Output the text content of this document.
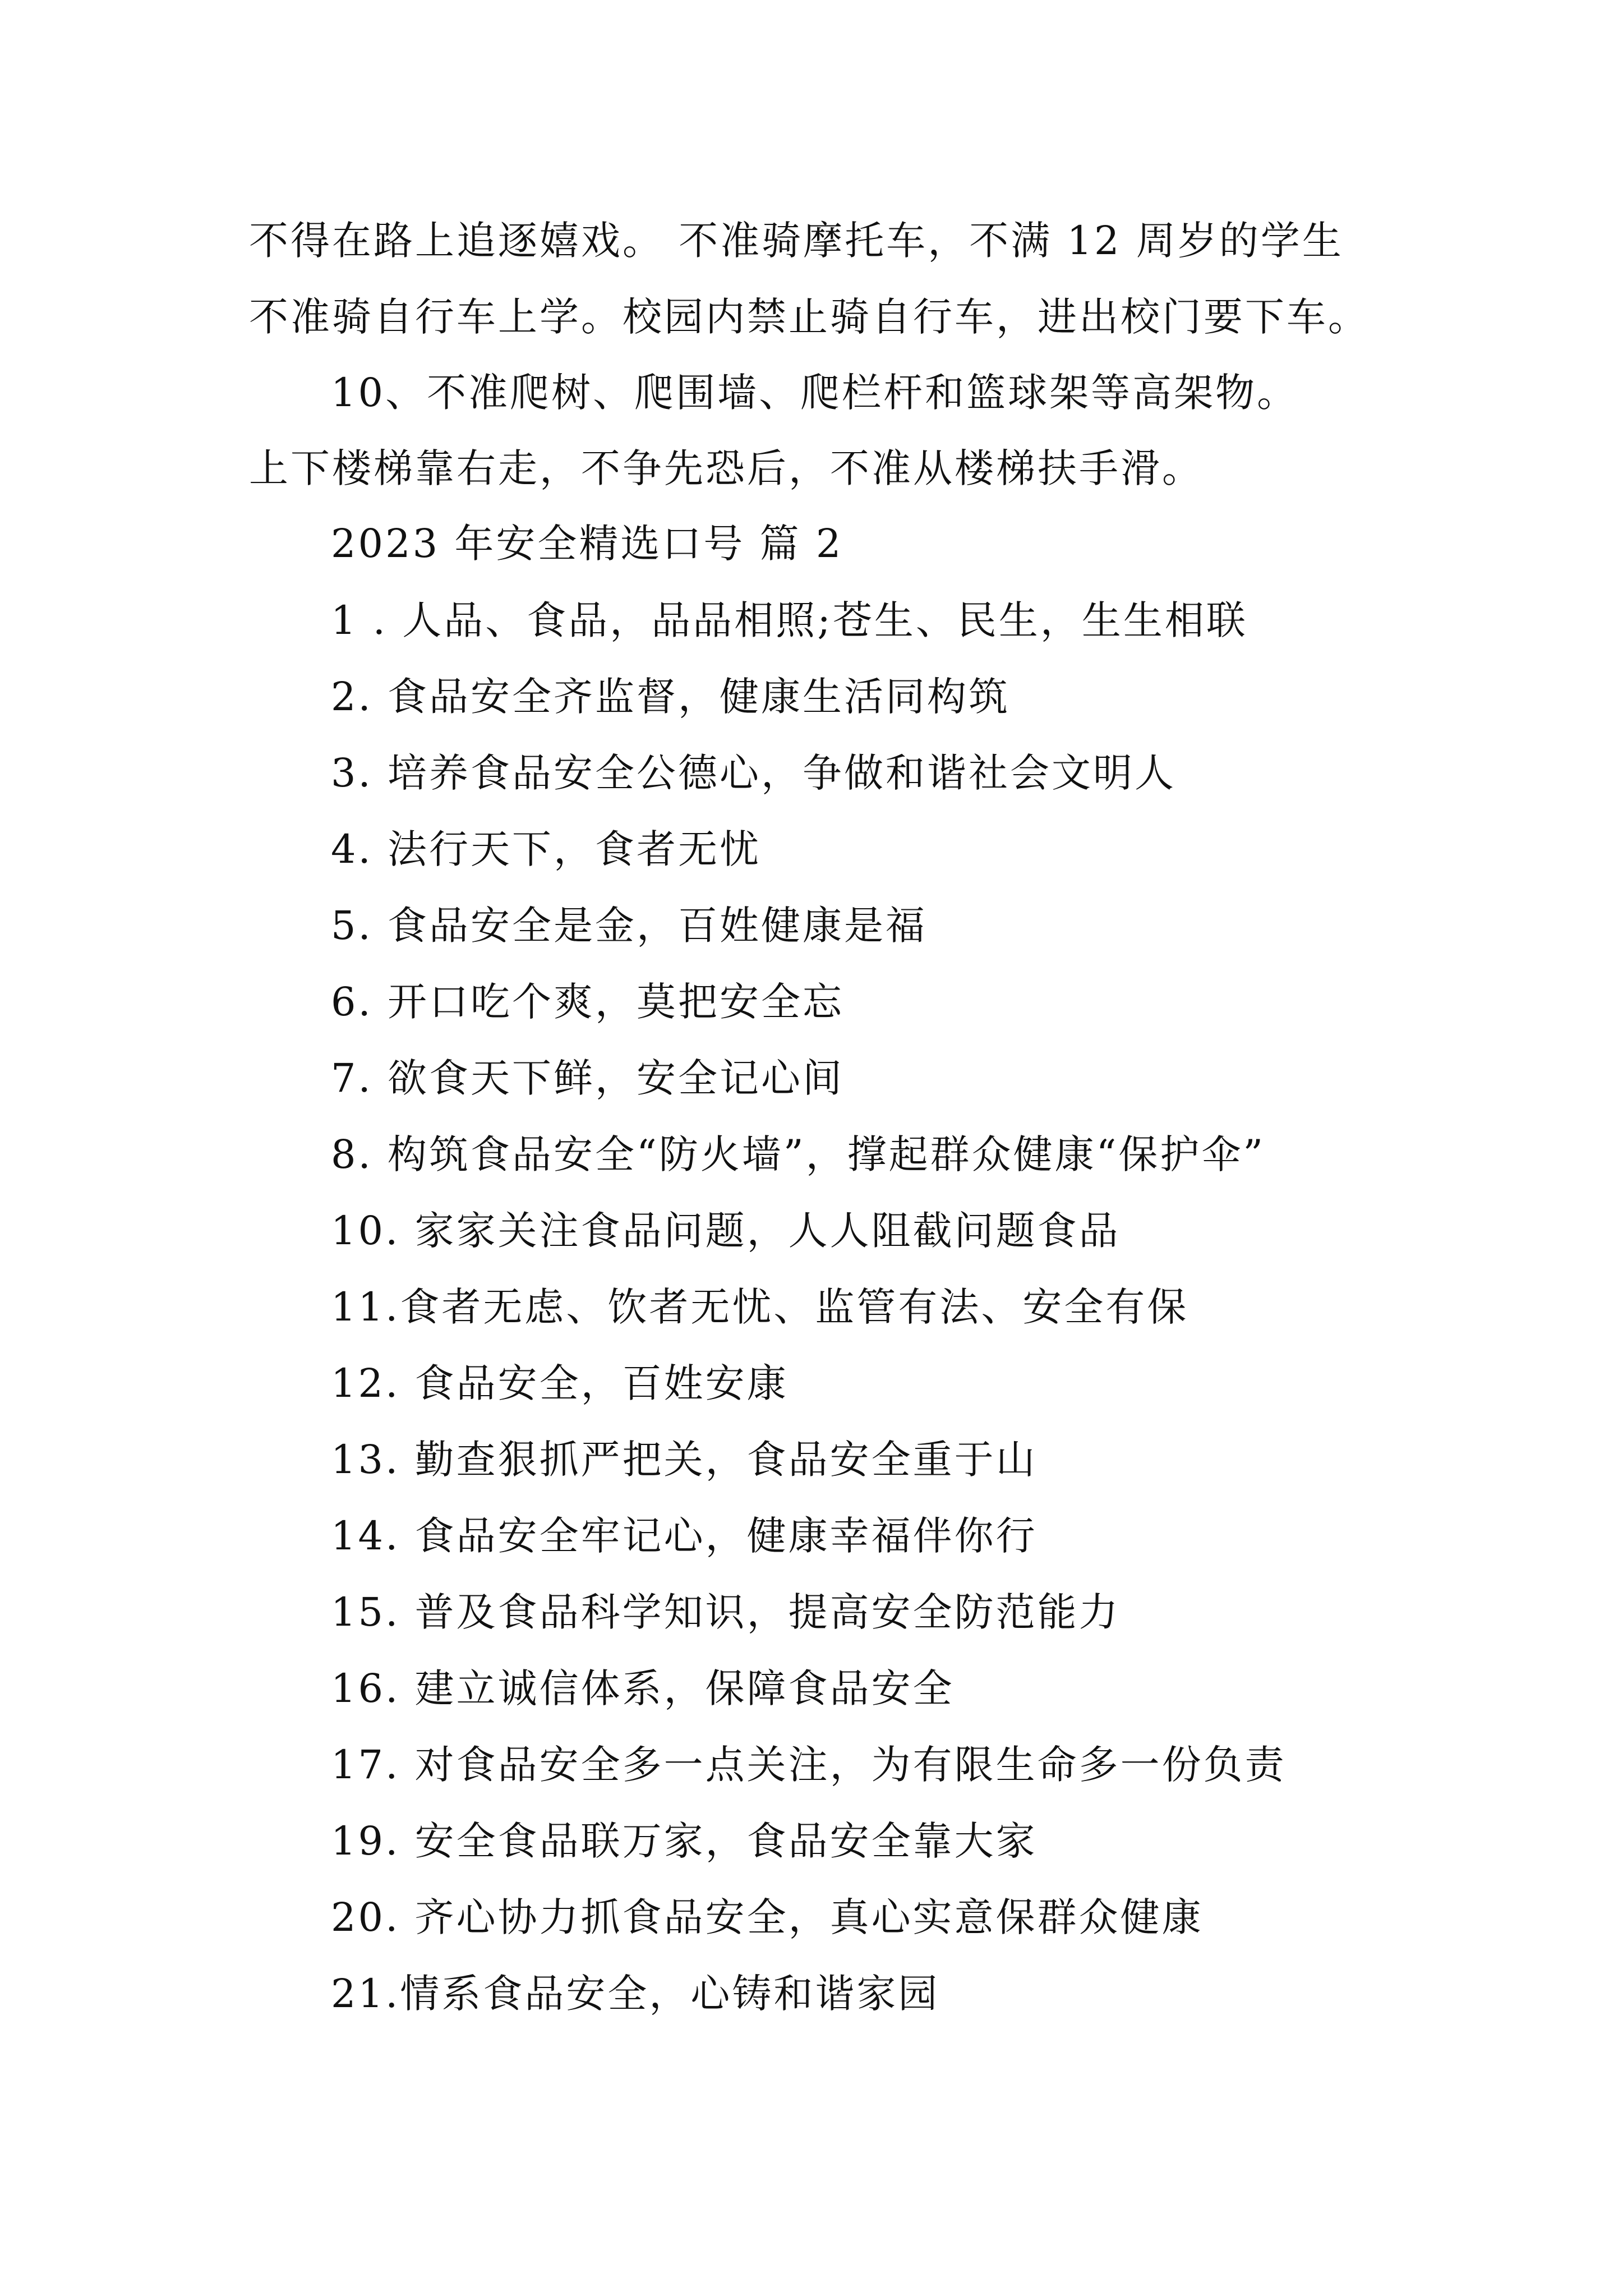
不得在路上追逐嬉戏。 不准骑摩托车，不满 12 周岁的学生
不准骑自行车上学。校园内禁止骑自行车，进出校门要下车。
10、不准爬树、爬围墙、爬栏杆和篮球架等高架物。
上下楼梯靠右走，不争先恐后，不准从楼梯扶手滑。
2023 年安全精选口号 篇 2
1 . 人品、食品，品品相照;苍生、民生，生生相联
2. 食品安全齐监督，健康生活同构筑
3. 培养食品安全公德心，争做和谐社会文明人
4. 法行天下，食者无忧
5. 食品安全是金，百姓健康是福
6. 开口吃个爽，莫把安全忘
7. 欲食天下鲜，安全记心间
8. 构筑食品安全“防火墙”，撑起群众健康“保护伞”
10. 家家关注食品问题，人人阻截问题食品
11.食者无虑、饮者无忧、监管有法、安全有保
12. 食品安全，百姓安康
13. 勤查狠抓严把关，食品安全重于山
14. 食品安全牢记心，健康幸福伴你行
15. 普及食品科学知识，提高安全防范能力
16. 建立诚信体系，保障食品安全
17. 对食品安全多一点关注，为有限生命多一份负责
19. 安全食品联万家，食品安全靠大家
20. 齐心协力抓食品安全，真心实意保群众健康
21.情系食品安全，心铸和谐家园
